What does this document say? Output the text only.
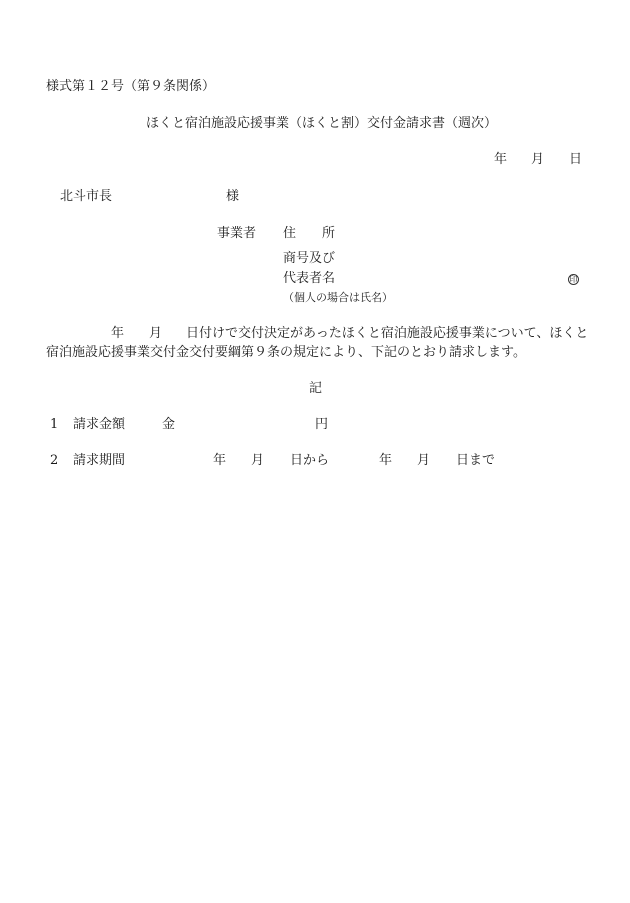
様式第１２号（第９条関係）
ほくと宿泊施設応援事業（ほくと割）交付金請求書（週次）
年 月 日
北斗市長	様
事業者 住　　所
商号及び
代表者名	印
（個人の場合は氏名）
年 月 日付けで交付決定があったほくと宿泊施設応援事業について、ほくと
宿泊施設応援事業交付金交付要綱第９条の規定により、下記のとおり請求します。
記
1 請求金額	金	円
2 請求期間	年 月 日から	年 月 日まで
